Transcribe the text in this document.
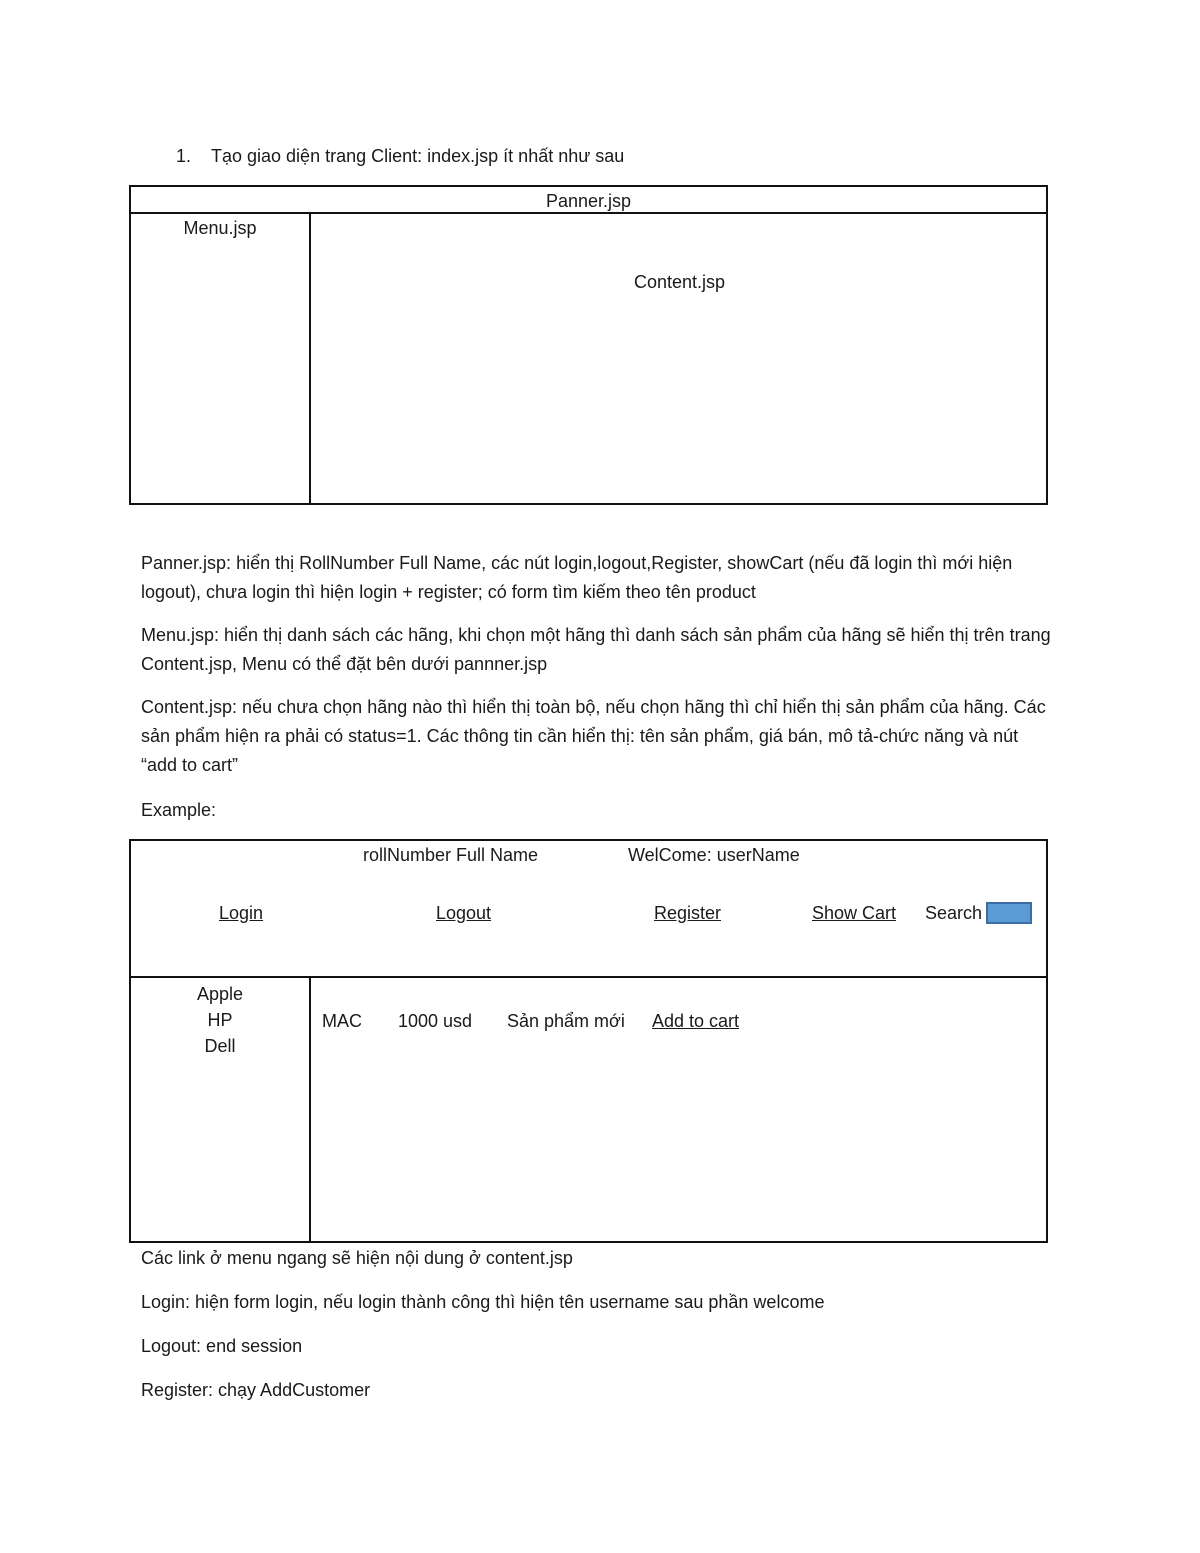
1. Tạo giao diện trang Client: index.jsp ít nhất như sau
Panner.jsp
Menu.jsp
Content.jsp
Panner.jsp: hiển thị RollNumber Full Name, các nút login,logout,Register, showCart (nếu đã login thì mới hiện logout), chưa login thì hiện login + register; có form tìm kiếm theo tên product
Menu.jsp: hiển thị danh sách các hãng, khi chọn một hãng thì danh sách sản phẩm của hãng sẽ hiển thị trên trang Content.jsp, Menu có thể đặt bên dưới pannner.jsp
Content.jsp: nếu chưa chọn hãng nào thì hiển thị toàn bộ, nếu chọn hãng thì chỉ hiển thị sản phẩm của hãng. Các sản phẩm hiện ra phải có status=1. Các thông tin cần hiển thị: tên sản phẩm, giá bán, mô tả-chức năng và nút “add to cart”
Example:
rollNumber Full Name	WelCome: userName
Login	Logout	Register	Show Cart Search
Apple
HP
Dell
MAC 1000 usd Sản phẩm mới Add to cart
Các link ở menu ngang sẽ hiện nội dung ở content.jsp
Login: hiện form login, nếu login thành công thì hiện tên username sau phần welcome
Logout: end session
Register: chạy AddCustomer
